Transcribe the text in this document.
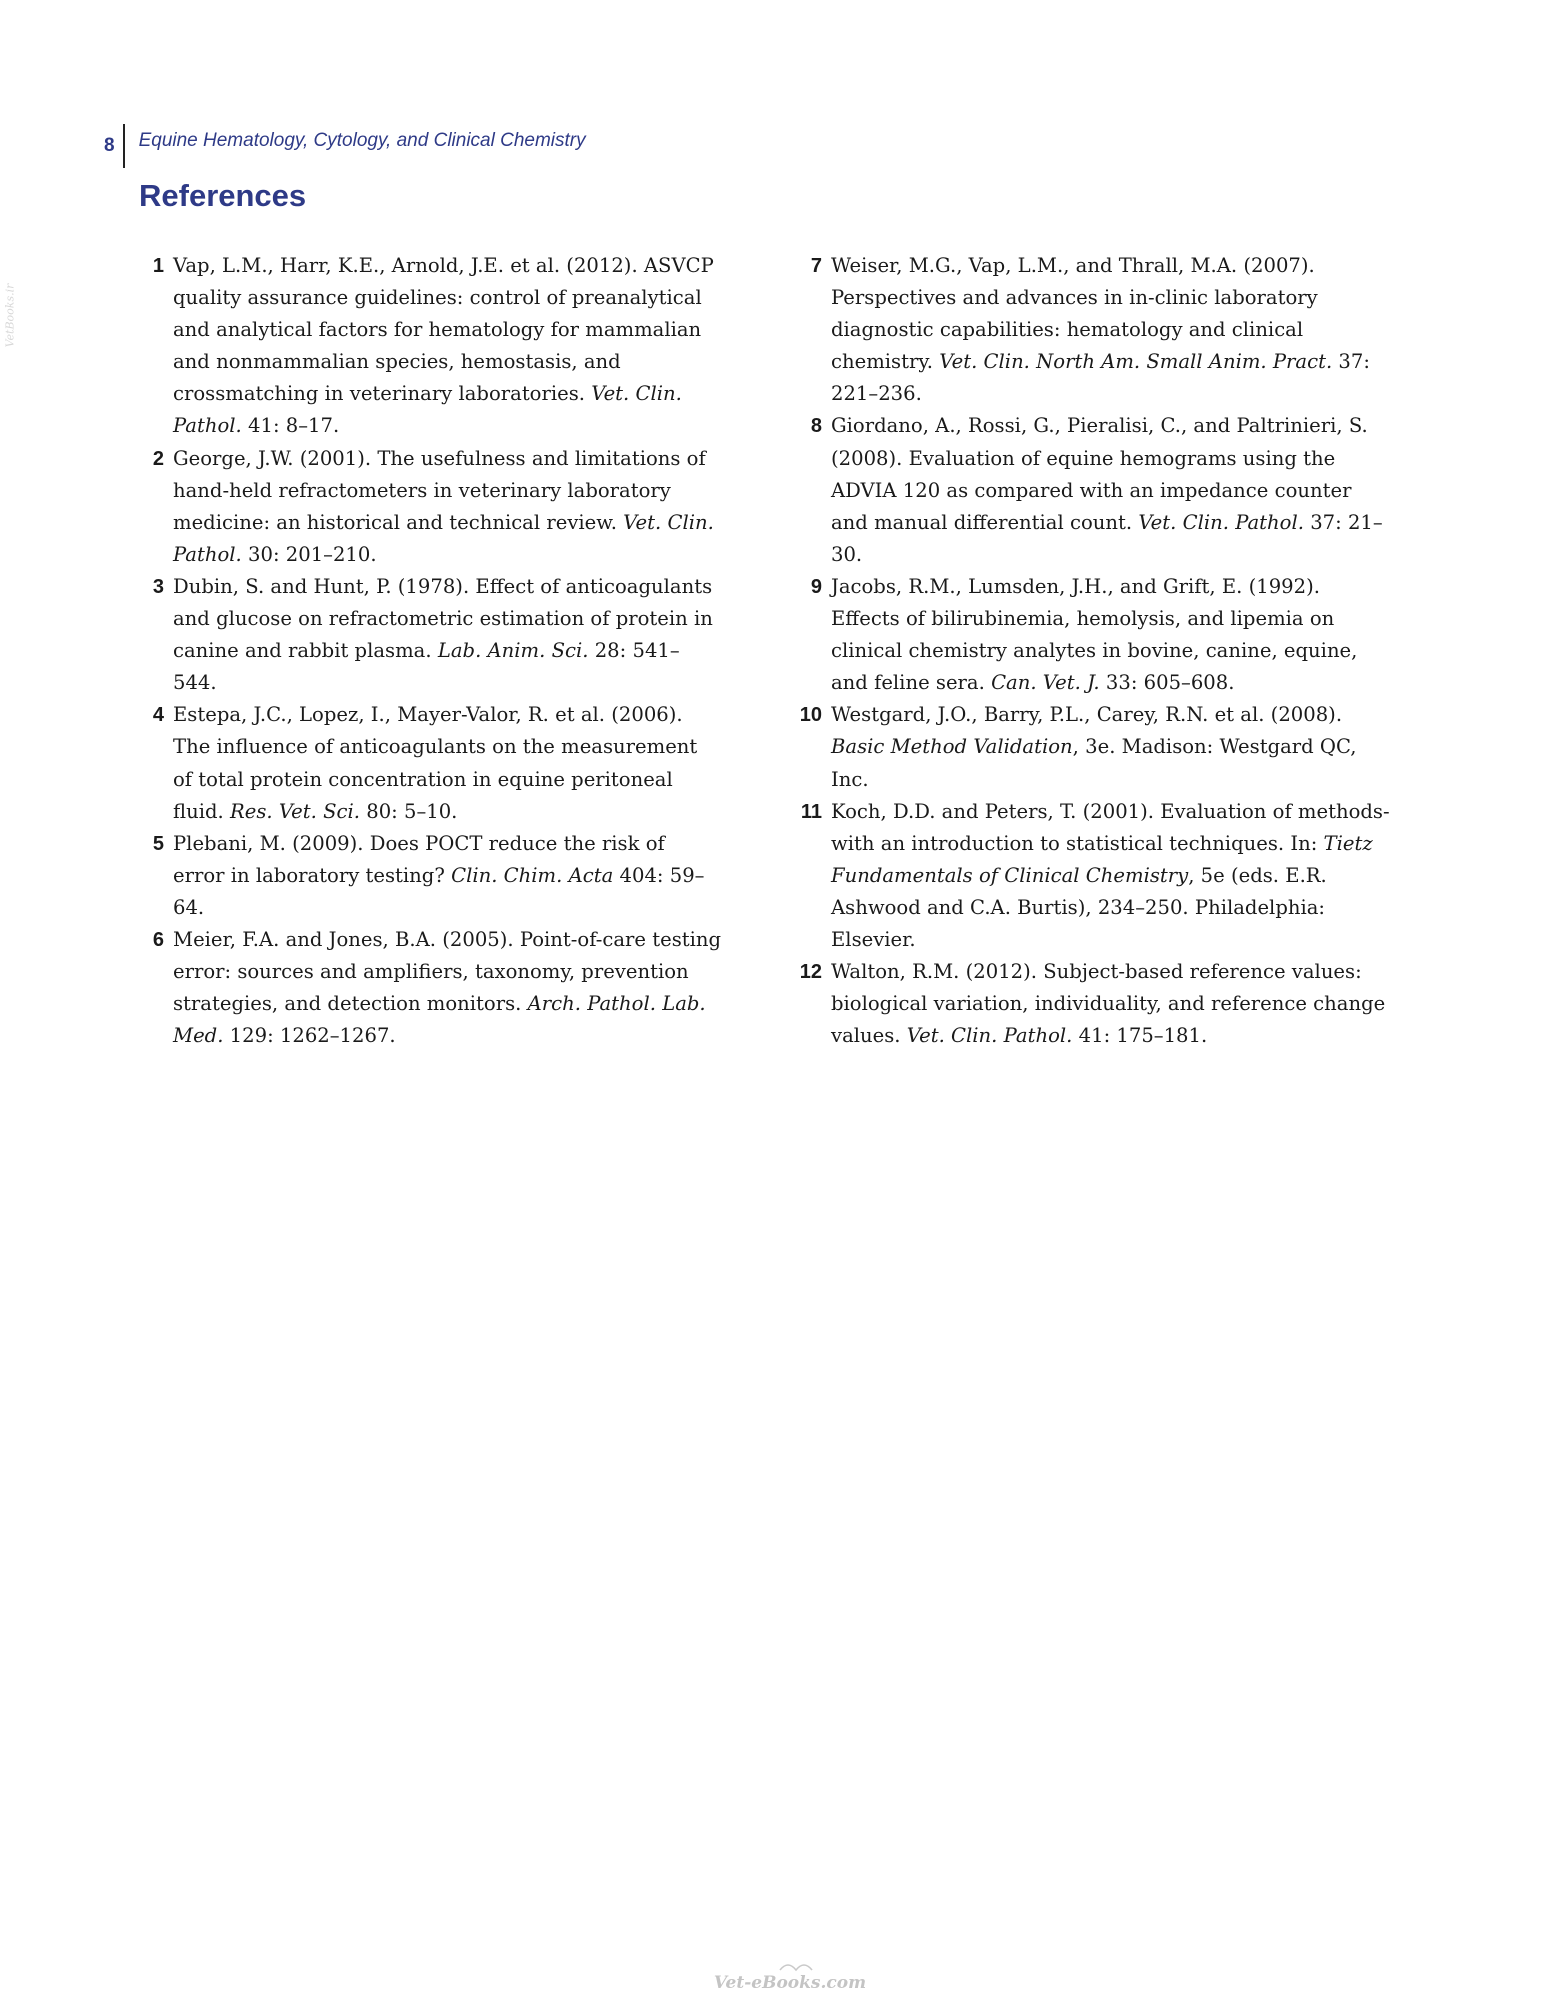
8	Equine Hematology, Cytology, and Clinical Chemistry
References
VetBooks.ir
1 Vap, L.M., Harr, K.E., Arnold, J.E. et al. (2012). ASVCP quality assurance guidelines: control of preanalytical and analytical factors for hematology for mammalian and nonmammalian species, hemostasis, and crossmatching in veterinary laboratories. Vet. Clin. Pathol. 41: 8–17.
2 George, J.W. (2001). The usefulness and limitations of hand-held refractometers in veterinary laboratory medicine: an historical and technical review. Vet. Clin. Pathol. 30: 201–210.
3 Dubin, S. and Hunt, P. (1978). Effect of anticoagulants and glucose on refractometric estimation of protein in canine and rabbit plasma. Lab. Anim. Sci. 28: 541–544.
4 Estepa, J.C., Lopez, I., Mayer-Valor, R. et al. (2006). The influence of anticoagulants on the measurement of total protein concentration in equine peritoneal fluid. Res. Vet. Sci. 80: 5–10.
5 Plebani, M. (2009). Does POCT reduce the risk of error in laboratory testing? Clin. Chim. Acta 404: 59–64.
6 Meier, F.A. and Jones, B.A. (2005). Point-of-care testing error: sources and amplifiers, taxonomy, prevention strategies, and detection monitors. Arch. Pathol. Lab. Med. 129: 1262–1267.
7 Weiser, M.G., Vap, L.M., and Thrall, M.A. (2007). Perspectives and advances in in-clinic laboratory diagnostic capabilities: hematology and clinical chemistry. Vet. Clin. North Am. Small Anim. Pract. 37: 221–236.
8 Giordano, A., Rossi, G., Pieralisi, C., and Paltrinieri, S. (2008). Evaluation of equine hemograms using the ADVIA 120 as compared with an impedance counter and manual differential count. Vet. Clin. Pathol. 37: 21–30.
9 Jacobs, R.M., Lumsden, J.H., and Grift, E. (1992). Effects of bilirubinemia, hemolysis, and lipemia on clinical chemistry analytes in bovine, canine, equine, and feline sera. Can. Vet. J. 33: 605–608.
10 Westgard, J.O., Barry, P.L., Carey, R.N. et al. (2008). Basic Method Validation, 3e. Madison: Westgard QC, Inc.
11 Koch, D.D. and Peters, T. (2001). Evaluation of methods-with an introduction to statistical techniques. In: Tietz Fundamentals of Clinical Chemistry, 5e (eds. E.R. Ashwood and C.A. Burtis), 234–250. Philadelphia: Elsevier.
12 Walton, R.M. (2012). Subject-based reference values: biological variation, individuality, and reference change values. Vet. Clin. Pathol. 41: 175–181.
Vet-eBooks.com
